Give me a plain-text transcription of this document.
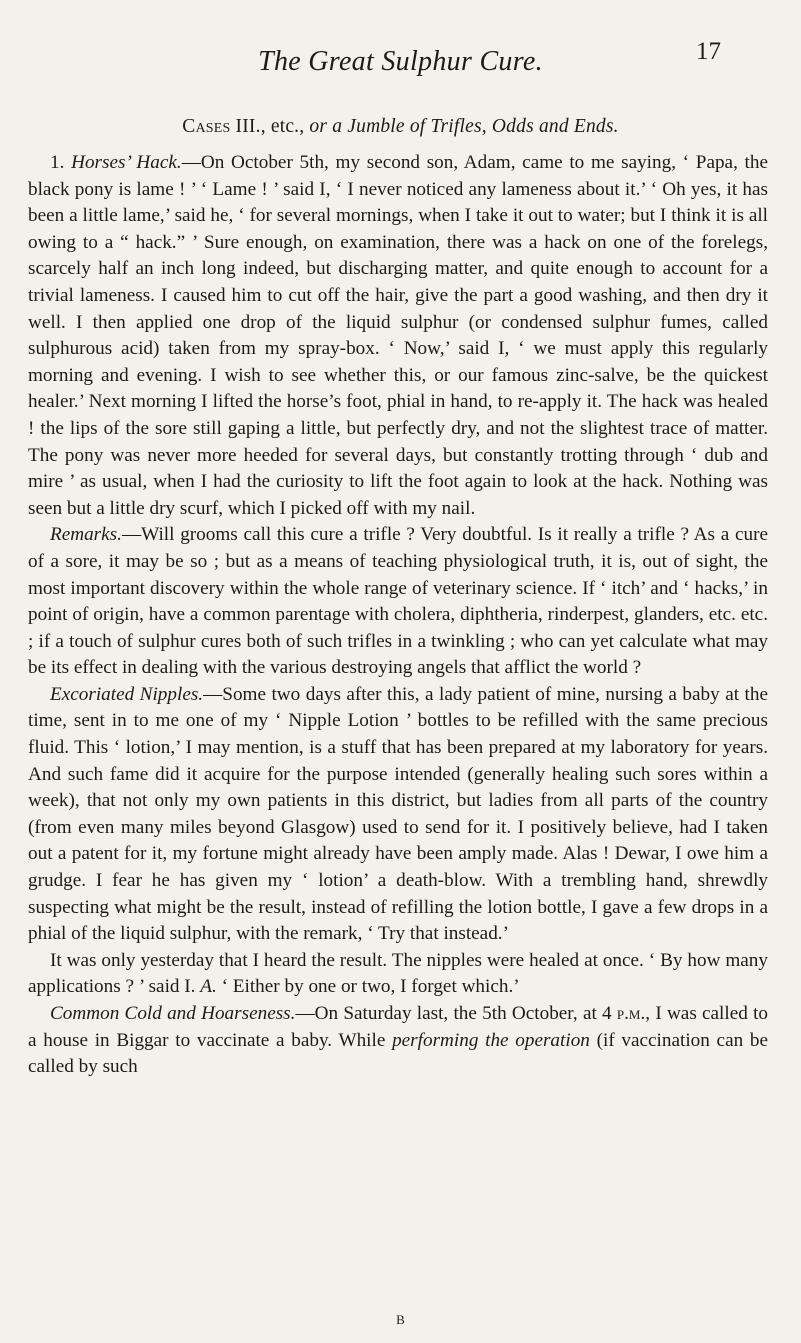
The Great Sulphur Cure.	17
Cases III., etc., or a Jumble of Trifles, Odds and Ends.

1. Horses’ Hack.—On October 5th, my second son, Adam, came to me saying, ‘ Papa, the black pony is lame ! ’ ‘ Lame ! ’ said I, ‘ I never noticed any lameness about it.’ ‘ Oh yes, it has been a little lame,’ said he, ‘ for several mornings, when I take it out to water; but I think it is all owing to a “ hack.” ’ Sure enough, on examination, there was a hack on one of the forelegs, scarcely half an inch long indeed, but discharging matter, and quite enough to account for a trivial lameness. I caused him to cut off the hair, give the part a good washing, and then dry it well. I then applied one drop of the liquid sulphur (or condensed sulphur fumes, called sulphurous acid) taken from my spray-box. ‘ Now,’ said I, ‘ we must apply this regularly morning and evening. I wish to see whether this, or our famous zinc-salve, be the quickest healer.’ Next morning I lifted the horse’s foot, phial in hand, to re-apply it. The hack was healed ! the lips of the sore still gaping a little, but perfectly dry, and not the slightest trace of matter. The pony was never more heeded for several days, but constantly trotting through ‘ dub and mire ’ as usual, when I had the curiosity to lift the foot again to look at the hack. Nothing was seen but a little dry scurf, which I picked off with my nail.

Remarks.—Will grooms call this cure a trifle ? Very doubtful. Is it really a trifle ? As a cure of a sore, it may be so ; but as a means of teaching physiological truth, it is, out of sight, the most important discovery within the whole range of veterinary science. If ‘ itch’ and ‘ hacks,’ in point of origin, have a common parentage with cholera, diphtheria, rinderpest, glanders, etc. etc. ; if a touch of sulphur cures both of such trifles in a twinkling ; who can yet calculate what may be its effect in dealing with the various destroying angels that afflict the world ?

Excoriated Nipples.—Some two days after this, a lady patient of mine, nursing a baby at the time, sent in to me one of my ‘ Nipple Lotion ’ bottles to be refilled with the same precious fluid. This ‘ lotion,’ I may mention, is a stuff that has been prepared at my laboratory for years. And such fame did it acquire for the purpose intended (generally healing such sores within a week), that not only my own patients in this district, but ladies from all parts of the country (from even many miles beyond Glasgow) used to send for it. I positively believe, had I taken out a patent for it, my fortune might already have been amply made. Alas ! Dewar, I owe him a grudge. I fear he has given my ‘ lotion’ a death-blow. With a trembling hand, shrewdly suspecting what might be the result, instead of refilling the lotion bottle, I gave a few drops in a phial of the liquid sulphur, with the remark, ‘ Try that instead.’

It was only yesterday that I heard the result. The nipples were healed at once. ‘ By how many applications ? ’ said I. A. ‘ Either by one or two, I forget which.’

Common Cold and Hoarseness.—On Saturday last, the 5th October, at 4 p.m., I was called to a house in Biggar to vaccinate a baby. While performing the operation (if vaccination can be called by such

B
